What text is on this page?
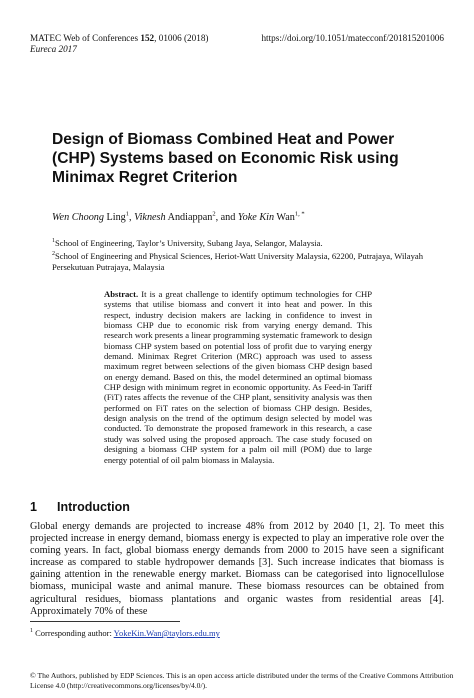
MATEC Web of Conferences 152, 01006 (2018)	https://doi.org/10.1051/matecconf/201815201006
Eureca 2017
Design of Biomass Combined Heat and Power (CHP) Systems based on Economic Risk using Minimax Regret Criterion
Wen Choong Ling$^1$, Viknesh Andiappan$^2$, and Yoke Kin Wan$^{1, *}$
$^1$School of Engineering, Taylor’s University, Subang Jaya, Selangor, Malaysia.
$^2$School of Engineering and Physical Sciences, Heriot-Watt University Malaysia, 62200, Putrajaya, Wilayah Persekutuan Putrajaya, Malaysia
Abstract. It is a great challenge to identify optimum technologies for CHP systems that utilise biomass and convert it into heat and power. In this respect, industry decision makers are lacking in confidence to invest in biomass CHP due to economic risk from varying energy demand. This research work presents a linear programming systematic framework to design biomass CHP system based on potential loss of profit due to varying energy demand. Minimax Regret Criterion (MRC) approach was used to assess maximum regret between selections of the given biomass CHP design based on energy demand. Based on this, the model determined an optimal biomass CHP design with minimum regret in economic opportunity. As Feed-in Tariff (FiT) rates affects the revenue of the CHP plant, sensitivity analysis was then performed on FiT rates on the selection of biomass CHP design. Besides, design analysis on the trend of the optimum design selected by model was conducted. To demonstrate the proposed framework in this research, a case study was solved using the proposed approach. The case study focused on designing a biomass CHP system for a palm oil mill (POM) due to large energy potential of oil palm biomass in Malaysia.
1 Introduction
Global energy demands are projected to increase 48% from 2012 by 2040 [1, 2]. To meet this projected increase in energy demand, biomass energy is expected to play an imperative role over the coming years. In fact, global biomass energy demands from 2000 to 2015 have seen a significant increase as compared to stable hydropower demands [3]. Such increase indicates that biomass is gaining attention in the renewable energy market. Biomass can be categorised into lignocellulose biomass, municipal waste and animal manure. These biomass resources can be obtained from agricultural residues, biomass plantations and organic wastes from residential areas [4]. Approximately 70% of these
$^1$ Corresponding author: YokeKin.Wan@taylors.edu.my
© The Authors, published by EDP Sciences. This is an open access article distributed under the terms of the Creative Commons Attribution License 4.0 (http://creativecommons.org/licenses/by/4.0/).
